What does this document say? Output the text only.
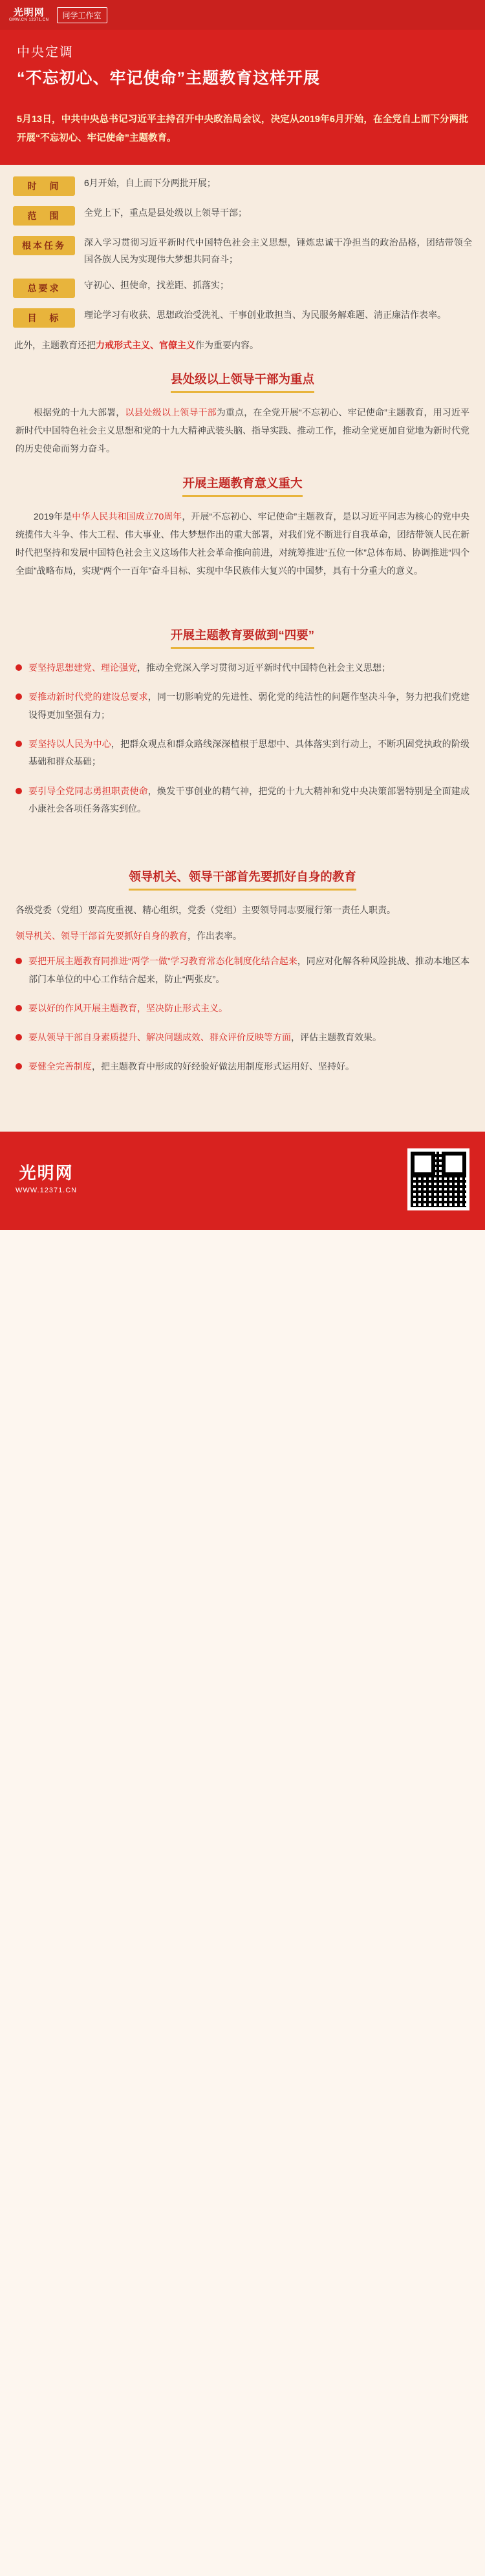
光明网
GMW.CN 12371.CN
同学工作室
中央定调
“不忘初心、牢记使命”主题教育这样开展
5月13日，中共中央总书记习近平主持召开中央政治局会议，决定从2019年6月开始，在全党自上而下分两批开展“不忘初心、牢记使命”主题教育。
时　间	6月开始，自上而下分两批开展；
范　围	全党上下，重点是县处级以上领导干部；
根本任务	深入学习贯彻习近平新时代中国特色社会主义思想，锤炼忠诚干净担当的政治品格，团结带领全国各族人民为实现伟大梦想共同奋斗；
总要求	守初心、担使命，找差距、抓落实；
目　标	理论学习有收获、思想政治受洗礼、干事创业敢担当、为民服务解难题、清正廉洁作表率。
此外，主题教育还把力戒形式主义、官僚主义作为重要内容。
县处级以上领导干部为重点
根据党的十九大部署，以县处级以上领导干部为重点，在全党开展“不忘初心、牢记使命”主题教育，用习近平新时代中国特色社会主义思想和党的十九大精神武装头脑、指导实践、推动工作，推动全党更加自觉地为新时代党的历史使命而努力奋斗。
开展主题教育意义重大
2019年是中华人民共和国成立70周年，开展“不忘初心、牢记使命”主题教育，是以习近平同志为核心的党中央统揽伟大斗争、伟大工程、伟大事业、伟大梦想作出的重大部署，对我们党不断进行自我革命，团结带领人民在新时代把坚持和发展中国特色社会主义这场伟大社会革命推向前进，对统筹推进“五位一体”总体布局、协调推进“四个全面”战略布局，实现“两个一百年”奋斗目标、实现中华民族伟大复兴的中国梦，具有十分重大的意义。
开展主题教育要做到“四要”
要坚持思想建党、理论强党，推动全党深入学习贯彻习近平新时代中国特色社会主义思想；
要推动新时代党的建设总要求，同一切影响党的先进性、弱化党的纯洁性的问题作坚决斗争，努力把我们党建设得更加坚强有力；
要坚持以人民为中心，把群众观点和群众路线深深植根于思想中、具体落实到行动上，不断巩固党执政的阶级基础和群众基础；
要引导全党同志勇担职责使命，焕发干事创业的精气神，把党的十九大精神和党中央决策部署特别是全面建成小康社会各项任务落实到位。
领导机关、领导干部首先要抓好自身的教育
各级党委（党组）要高度重视、精心组织，党委（党组）主要领导同志要履行第一责任人职责。
领导机关、领导干部首先要抓好自身的教育，作出表率。
要把开展主题教育同推进“两学一做”学习教育常态化制度化结合起来，同应对化解各种风险挑战、推动本地区本部门本单位的中心工作结合起来，防止“两张皮”。
要以好的作风开展主题教育，坚决防止形式主义。
要从领导干部自身素质提升、解决问题成效、群众评价反映等方面，评估主题教育效果。
要健全完善制度，把主题教育中形成的好经验好做法用制度形式运用好、坚持好。
光明网
WWW.12371.CN
